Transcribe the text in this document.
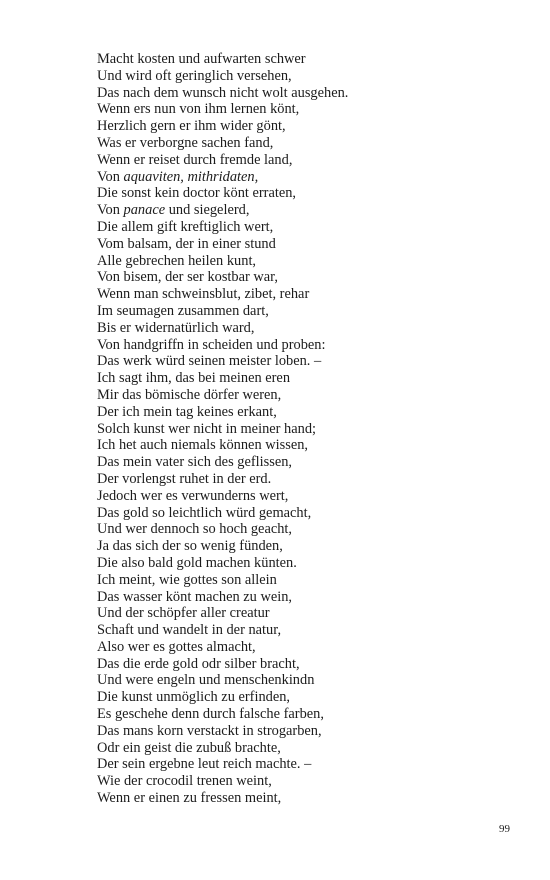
Macht kosten und aufwarten schwer
Und wird oft geringlich versehen,
Das nach dem wunsch nicht wolt ausgehen.
Wenn ers nun von ihm lernen könt,
Herzlich gern er ihm wider gönt,
Was er verborgne sachen fand,
Wenn er reiset durch fremde land,
Von aquaviten, mithridaten,
Die sonst kein doctor könt erraten,
Von panace und siegelerd,
Die allem gift kreftiglich wert,
Vom balsam, der in einer stund
Alle gebrechen heilen kunt,
Von bisem, der ser kostbar war,
Wenn man schweinsblut, zibet, rehar
Im seumagen zusammen dart,
Bis er widernatürlich ward,
Von handgriffn in scheiden und proben:
Das werk würd seinen meister loben. –
Ich sagt ihm, das bei meinen eren
Mir das bömische dörfer weren,
Der ich mein tag keines erkant,
Solch kunst wer nicht in meiner hand;
Ich het auch niemals können wissen,
Das mein vater sich des geflissen,
Der vorlengst ruhet in der erd.
Jedoch wer es verwunderns wert,
Das gold so leichtlich würd gemacht,
Und wer dennoch so hoch geacht,
Ja das sich der so wenig fünden,
Die also bald gold machen künten.
Ich meint, wie gottes son allein
Das wasser könt machen zu wein,
Und der schöpfer aller creatur
Schaft und wandelt in der natur,
Also wer es gottes almacht,
Das die erde gold odr silber bracht,
Und were engeln und menschenkindn
Die kunst unmöglich zu erfinden,
Es geschehe denn durch falsche farben,
Das mans korn verstackt in strogarben,
Odr ein geist die zubuß brachte,
Der sein ergebne leut reich machte. –
Wie der crocodil trenen weint,
Wenn er einen zu fressen meint,
99
